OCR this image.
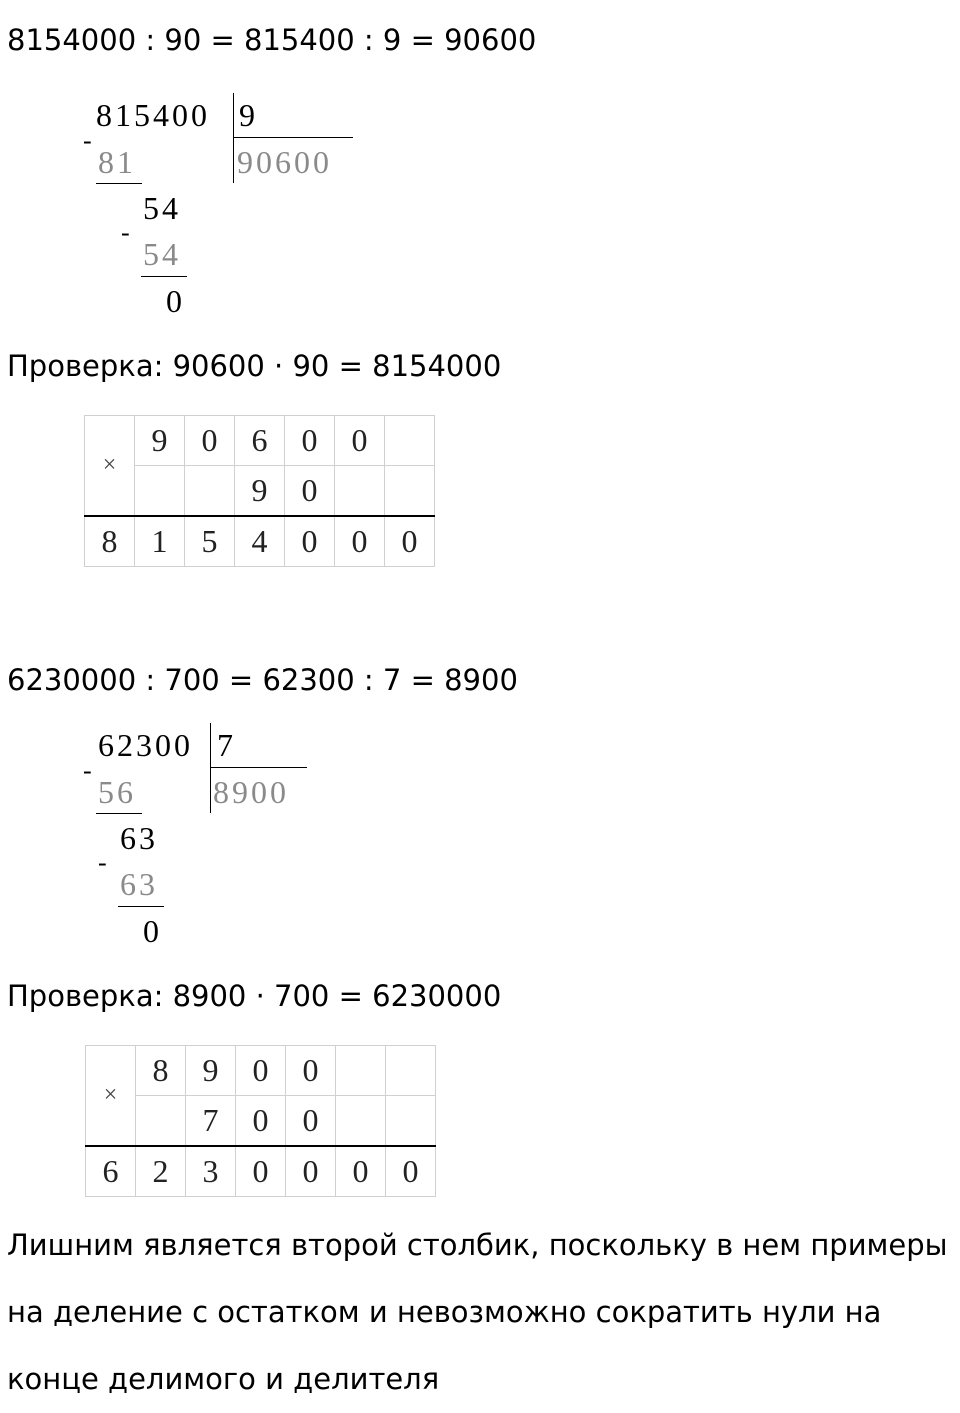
8154000 : 90 = 815400 : 9 = 90600
815400 9
90600
-
81
54
-
54
0
Проверка: 90600 · 90 = 8154000
×	9	0	6	0	0	
			9	0		
8	1	5	4	0	0	0
6230000 : 700 = 62300 : 7 = 8900
62300 7
8900
-
56
63
-
63
0
Проверка: 8900 · 700 = 6230000
×	8	9	0	0		
		7	0	0		
6	2	3	0	0	0	0
Лишним является второй столбик, поскольку в нем примеры
на деление с остатком и невозможно сократить нули на
конце делимого и делителя
